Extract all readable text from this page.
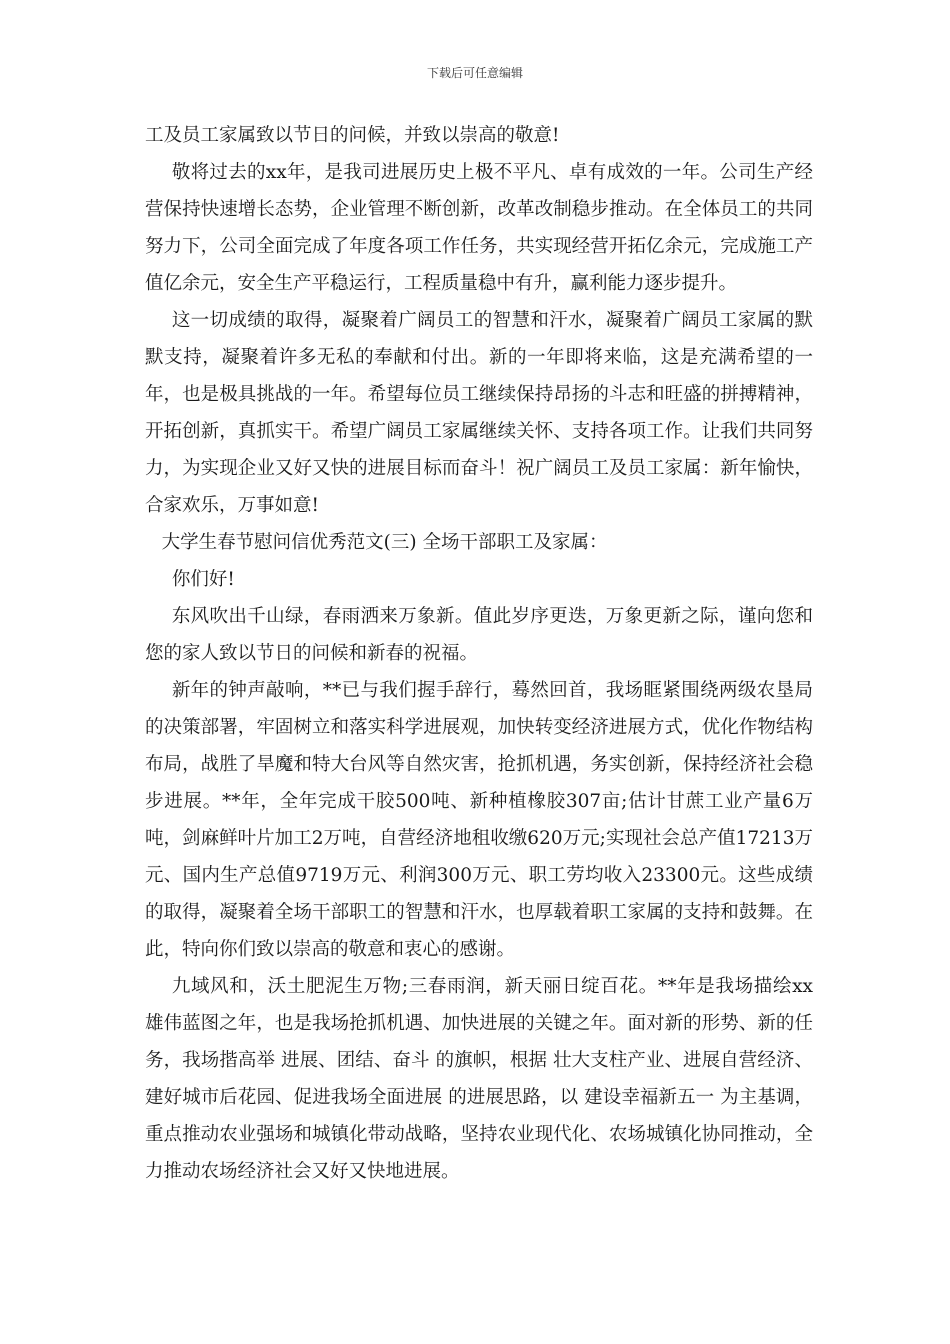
下载后可任意编辑

工及员工家属致以节日的问候，并致以崇高的敬意!

敬将过去的xx年，是我司进展历史上极不平凡、卓有成效的一年。公司生产经营保持快速增长态势，企业管理不断创新，改革改制稳步推动。在全体员工的共同努力下，公司全面完成了年度各项工作任务，共实现经营开拓亿余元，完成施工产值亿余元，安全生产平稳运行，工程质量稳中有升，赢利能力逐步提升。

这一切成绩的取得，凝聚着广阔员工的智慧和汗水，凝聚着广阔员工家属的默默支持，凝聚着许多无私的奉献和付出。新的一年即将来临，这是充满希望的一年，也是极具挑战的一年。希望每位员工继续保持昂扬的斗志和旺盛的拼搏精神，开拓创新，真抓实干。希望广阔员工家属继续关怀、支持各项工作。让我们共同努力，为实现企业又好又快的进展目标而奋斗！祝广阔员工及员工家属：新年愉快，合家欢乐，万事如意!

大学生春节慰问信优秀范文(三) 全场干部职工及家属：

你们好!

东风吹出千山绿，春雨洒来万象新。值此岁序更迭，万象更新之际，谨向您和您的家人致以节日的问候和新春的祝福。

新年的钟声敲响，**已与我们握手辞行，蓦然回首，我场眶紧围绕两级农垦局的决策部署，牢固树立和落实科学进展观，加快转变经济进展方式，优化作物结构布局，战胜了旱魔和特大台风等自然灾害，抢抓机遇，务实创新，保持经济社会稳步进展。**年，全年完成干胶500吨、新种植橡胶307亩;估计甘蔗工业产量6万吨，剑麻鲜叶片加工2万吨，自营经济地租收缴620万元;实现社会总产值17213万元、国内生产总值9719万元、利润300万元、职工劳均收入23300元。这些成绩的取得，凝聚着全场干部职工的智慧和汗水，也厚载着职工家属的支持和鼓舞。在此，特向你们致以崇高的敬意和衷心的感谢。

九域风和，沃土肥泥生万物;三春雨润，新天丽日绽百花。**年是我场描绘xx 雄伟蓝图之年，也是我场抢抓机遇、加快进展的关键之年。面对新的形势、新的任务，我场揩高举 进展、团结、奋斗 的旗帜，根据 壮大支柱产业、进展自营经济、建好城市后花园、促进我场全面进展 的进展思路，以 建设幸福新五一 为主基调，重点推动农业强场和城镇化带动战略，坚持农业现代化、农场城镇化协同推动，全力推动农场经济社会又好又快地进展。
